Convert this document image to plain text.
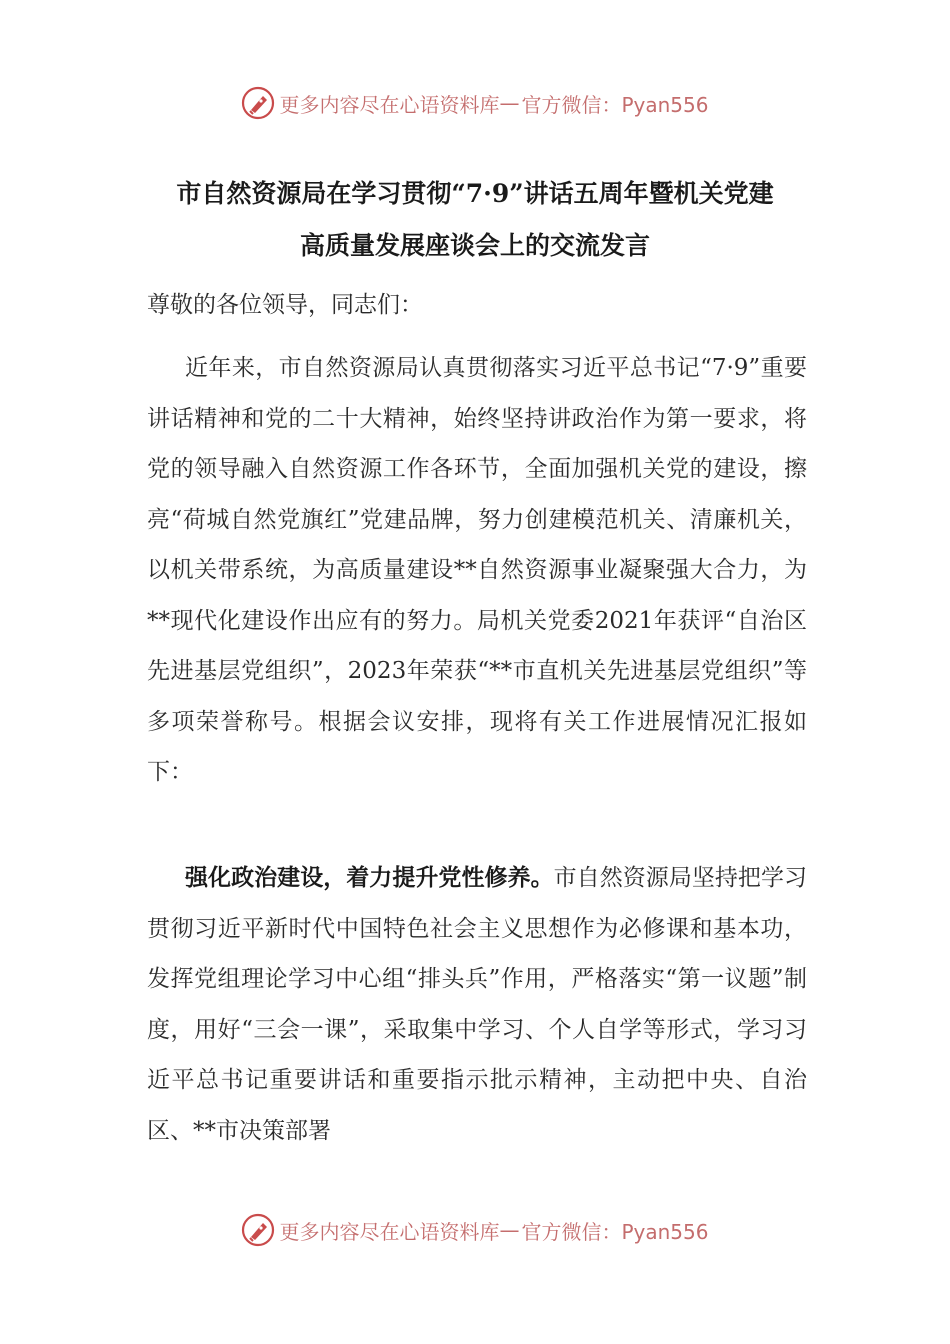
更多内容尽在心语资料库 — 官方微信：Pyan556
市自然资源局在学习贯彻“7·9”讲话五周年暨机关党建
高质量发展座谈会上的交流发言
尊敬的各位领导，同志们：

近年来，市自然资源局认真贯彻落实习近平总书记“7·9”重要讲话精神和党的二十大精神，始终坚持讲政治作为第一要求，将党的领导融入自然资源工作各环节，全面加强机关党的建设，擦亮“荷城自然党旗红”党建品牌，努力创建模范机关、清廉机关，以机关带系统，为高质量建设**自然资源事业凝聚强大合力，为**现代化建设作出应有的努力。局机关党委2021年获评“自治区先进基层党组织”，2023年荣获“**市直机关先进基层党组织”等多项荣誉称号。根据会议安排，现将有关工作进展情况汇报如下：

强化政治建设，着力提升党性修养。市自然资源局坚持把学习贯彻习近平新时代中国特色社会主义思想作为必修课和基本功，发挥党组理论学习中心组“排头兵”作用，严格落实“第一议题”制度，用好“三会一课”，采取集中学习、个人自学等形式，学习习近平总书记重要讲话和重要指示批示精神，主动把中央、自治区、**市决策部署

更多内容尽在心语资料库 — 官方微信：Pyan556
